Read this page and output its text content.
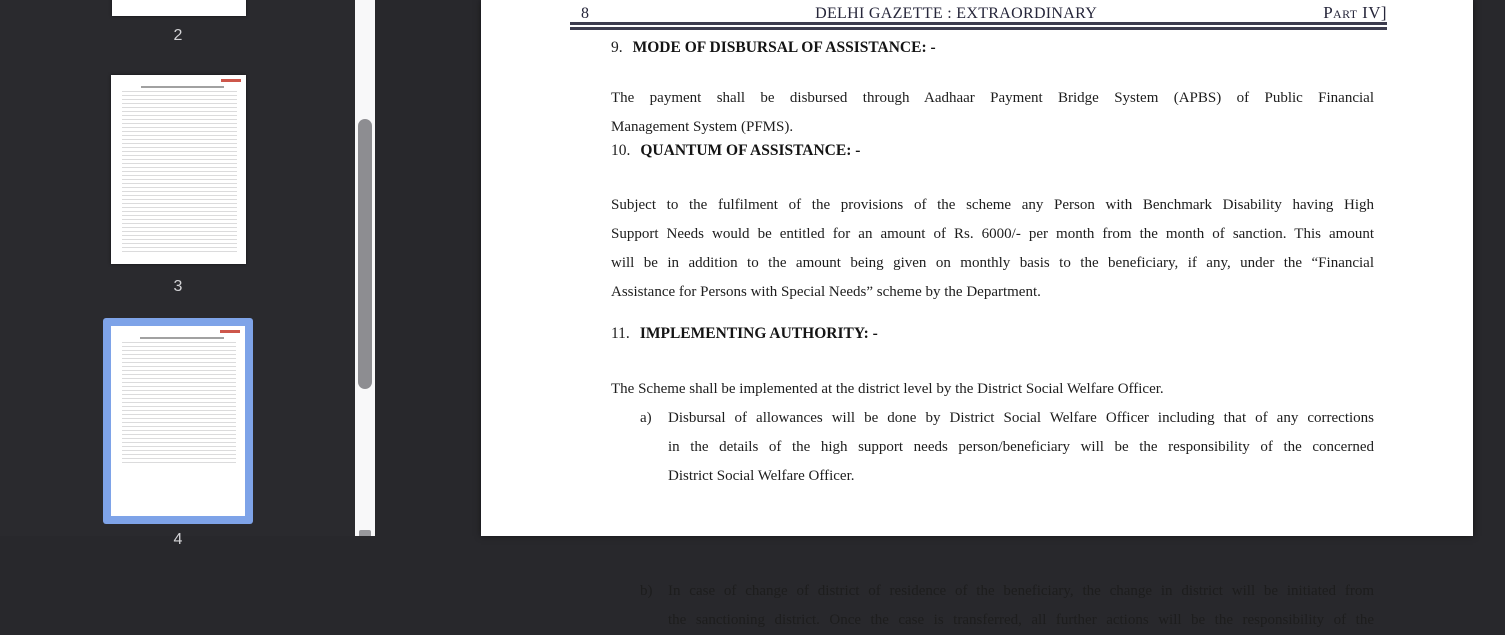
2
3
4
8	DELHI GAZETTE : EXTRAORDINARY	Part IV]
9. MODE OF DISBURSAL OF ASSISTANCE: -
The payment shall be disbursed through Aadhaar Payment Bridge System (APBS) of Public Financial
Management System (PFMS).
10. QUANTUM OF ASSISTANCE: -
Subject to the fulfilment of the provisions of the scheme any Person with Benchmark Disability having High
Support Needs would be entitled for an amount of Rs. 6000/- per month from the month of sanction. This amount
will be in addition to the amount being given on monthly basis to the beneficiary, if any, under the “Financial
Assistance for Persons with Special Needs” scheme by the Department.
11. IMPLEMENTING AUTHORITY: -
The Scheme shall be implemented at the district level by the District Social Welfare Officer.
a) Disbursal of allowances will be done by District Social Welfare Officer including that of any corrections
in the details of the high support needs person/beneficiary will be the responsibility of the concerned
District Social Welfare Officer.
b) In case of change of district of residence of the beneficiary, the change in district will be initiated from
the sanctioning district. Once the case is transferred, all further actions will be the responsibility of the
